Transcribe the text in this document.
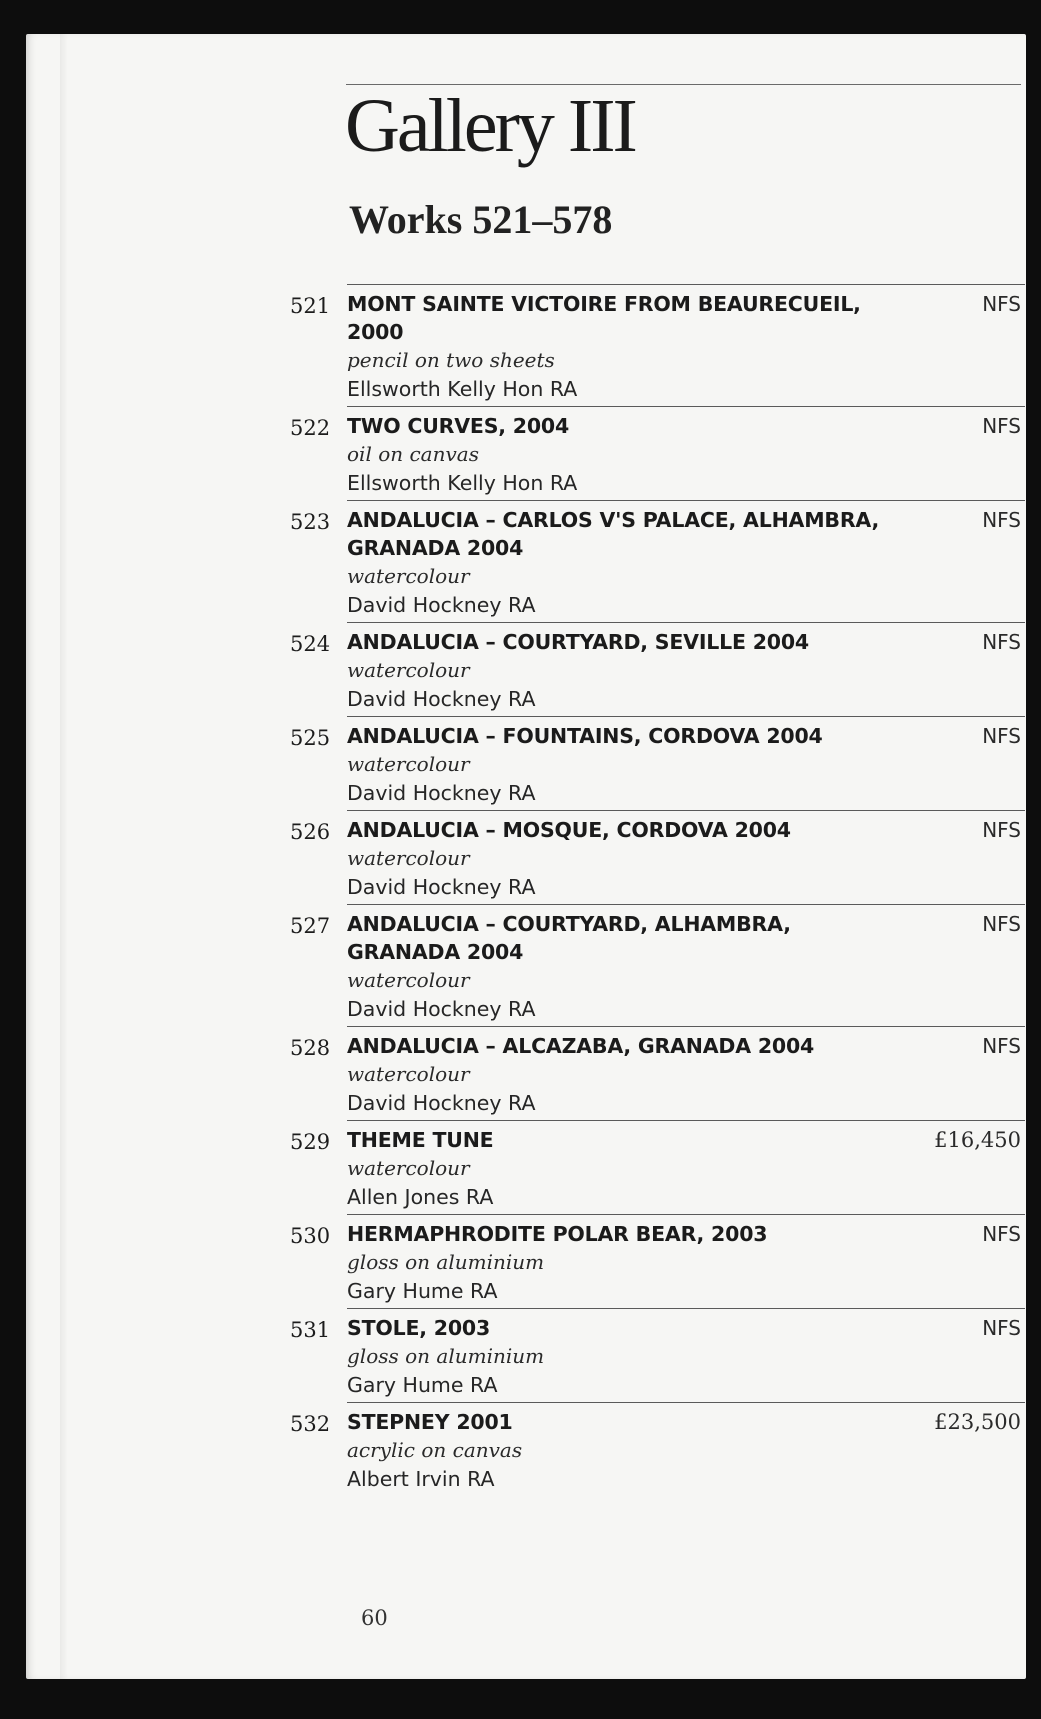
Gallery III
Works 521–578
521 MONT SAINTE VICTOIRE FROM BEAURECUEIL, 2000

pencil on two sheets

Ellsworth Kelly Hon RA

NFS
522 TWO CURVES, 2004

oil on canvas

Ellsworth Kelly Hon RA

NFS
523 ANDALUCIA – CARLOS V'S PALACE, ALHAMBRA, GRANADA 2004

watercolour

David Hockney RA

NFS
524 ANDALUCIA – COURTYARD, SEVILLE 2004

watercolour

David Hockney RA

NFS
525 ANDALUCIA – FOUNTAINS, CORDOVA 2004

watercolour

David Hockney RA

NFS
526 ANDALUCIA – MOSQUE, CORDOVA 2004

watercolour

David Hockney RA

NFS
527 ANDALUCIA – COURTYARD, ALHAMBRA, GRANADA 2004

watercolour

David Hockney RA

NFS
528 ANDALUCIA – ALCAZABA, GRANADA 2004

watercolour

David Hockney RA

NFS
529 THEME TUNE

watercolour

Allen Jones RA

£16,450
530 HERMAPHRODITE POLAR BEAR, 2003

gloss on aluminium

Gary Hume RA

NFS
531 STOLE, 2003

gloss on aluminium

Gary Hume RA

NFS
532 STEPNEY 2001

acrylic on canvas

Albert Irvin RA

£23,500
60
